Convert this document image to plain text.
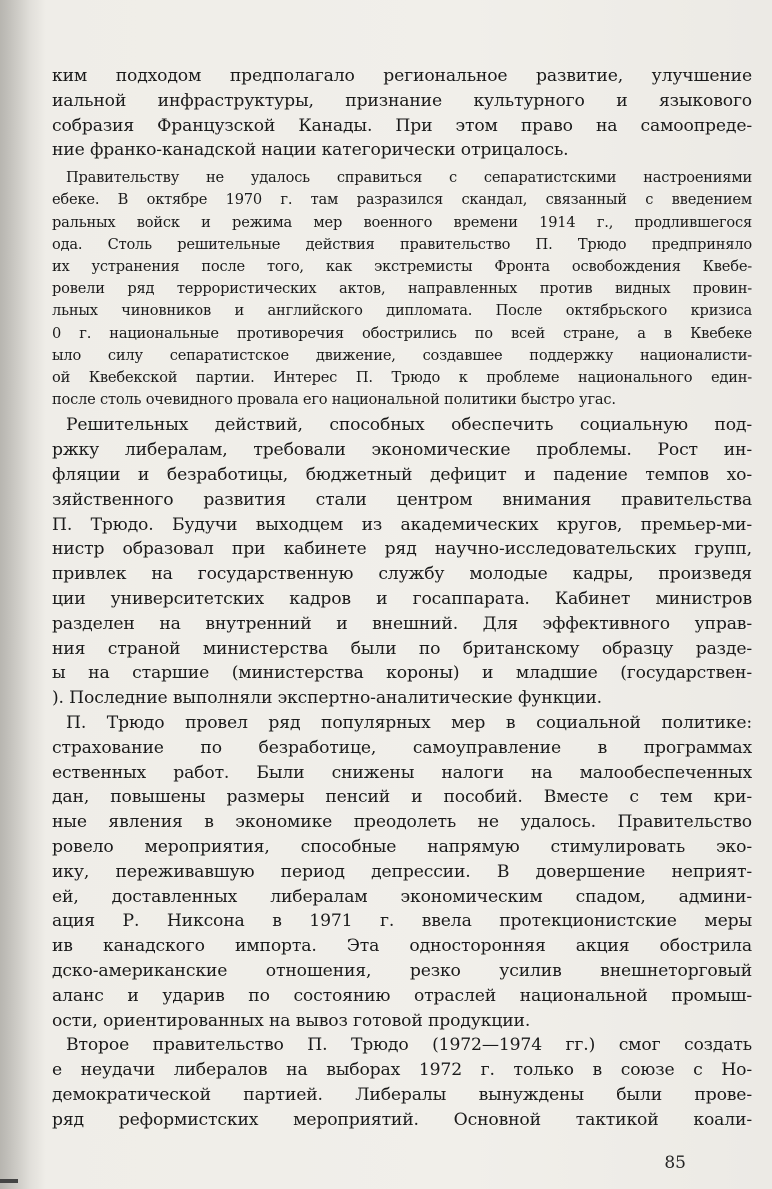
ким подходом предполагало региональное развитие, улучшение

иальной инфраструктуры, признание культурного и языкового

собразия Французской Канады. При этом право на самоопреде-

ние франко-канадской нации категорически отрицалось.

Правительству не удалось справиться с сепаратистскими настроениями

ебеке. В октябре 1970 г. там разразился скандал, связанный с введением

ральных войск и режима мер военного времени 1914 г., продлившегося

ода. Столь решительные действия правительство П. Трюдо предприняло

их устранения после того, как экстремисты Фронта освобождения Квебе-

ровели ряд террористических актов, направленных против видных провин-

льных чиновников и английского дипломата. После октябрьского кризиса

0 г. национальные противоречия обострились по всей стране, а в Квебеке

ыло силу сепаратистское движение, создавшее поддержку националисти-

ой Квебекской партии. Интерес П. Трюдо к проблеме национального един-

после столь очевидного провала его национальной политики быстро угас.

Решительных действий, способных обеспечить социальную под-

ржку либералам, требовали экономические проблемы. Рост ин-

фляции и безработицы, бюджетный дефицит и падение темпов хо-

зяйственного развития стали центром внимания правительства

П. Трюдо. Будучи выходцем из академических кругов, премьер-ми-

нистр образовал при кабинете ряд научно-исследовательских групп,

привлек на государственную службу молодые кадры, произведя

ции университетских кадров и госаппарата. Кабинет министров

разделен на внутренний и внешний. Для эффективного управ-

ния страной министерства были по британскому образцу разде-

ы на старшие (министерства короны) и младшие (государствен-

). Последние выполняли экспертно-аналитические функции.

П. Трюдо провел ряд популярных мер в социальной политике:

страхование по безработице, самоуправление в программах

ественных работ. Были снижены налоги на малообеспеченных

дан, повышены размеры пенсий и пособий. Вместе с тем кри-

ные явления в экономике преодолеть не удалось. Правительство

ровело мероприятия, способные напрямую стимулировать эко-

ику, переживавшую период депрессии. В довершение неприят-

ей, доставленных либералам экономическим спадом, админи-

ация Р. Никсона в 1971 г. ввела протекционистские меры

ив канадского импорта. Эта односторонняя акция обострила

дско-американские отношения, резко усилив внешнеторговый

аланс и ударив по состоянию отраслей национальной промыш-

ости, ориентированных на вывоз готовой продукции.

Второе правительство П. Трюдо (1972—1974 гг.) смог создать

е неудачи либералов на выборах 1972 г. только в союзе с Но-

демократической партией. Либералы вынуждены были прове-

ряд реформистских мероприятий. Основной тактикой коали-

85
